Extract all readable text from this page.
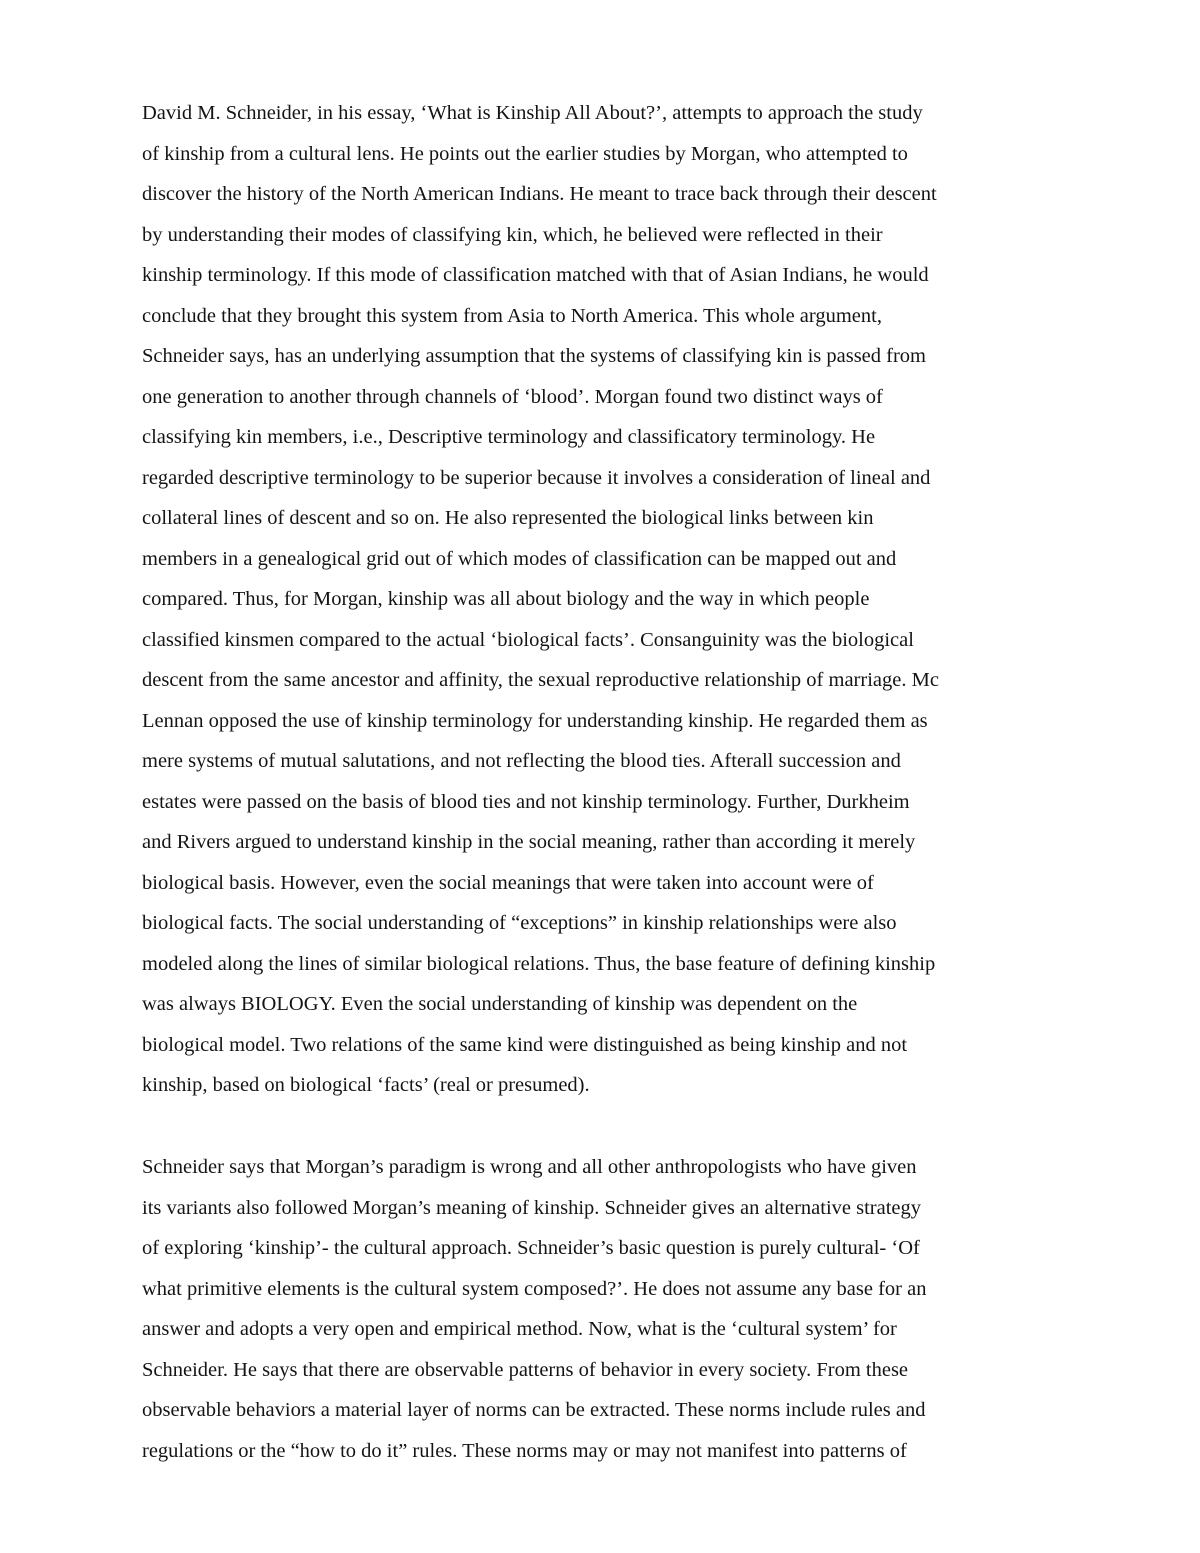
David M. Schneider, in his essay, ‘What is Kinship All About?’, attempts to approach the study
of kinship from a cultural lens. He points out the earlier studies by Morgan, who attempted to
discover the history of the North American Indians. He meant to trace back through their descent
by understanding their modes of classifying kin, which, he believed were reflected in their
kinship terminology. If this mode of classification matched with that of Asian Indians, he would
conclude that they brought this system from Asia to North America. This whole argument,
Schneider says, has an underlying assumption that the systems of classifying kin is passed from
one generation to another through channels of ‘blood’. Morgan found two distinct ways of
classifying kin members, i.e., Descriptive terminology and classificatory terminology. He
regarded descriptive terminology to be superior because it involves a consideration of lineal and
collateral lines of descent and so on. He also represented the biological links between kin
members in a genealogical grid out of which modes of classification can be mapped out and
compared. Thus, for Morgan, kinship was all about biology and the way in which people
classified kinsmen compared to the actual ‘biological facts’. Consanguinity was the biological
descent from the same ancestor and affinity, the sexual reproductive relationship of marriage. Mc
Lennan opposed the use of kinship terminology for understanding kinship. He regarded them as
mere systems of mutual salutations, and not reflecting the blood ties. Afterall succession and
estates were passed on the basis of blood ties and not kinship terminology. Further, Durkheim
and Rivers argued to understand kinship in the social meaning, rather than according it merely
biological basis. However, even the social meanings that were taken into account were of
biological facts. The social understanding of “exceptions” in kinship relationships were also
modeled along the lines of similar biological relations. Thus, the base feature of defining kinship
was always BIOLOGY. Even the social understanding of kinship was dependent on the
biological model. Two relations of the same kind were distinguished as being kinship and not
kinship, based on biological ‘facts’ (real or presumed).
Schneider says that Morgan’s paradigm is wrong and all other anthropologists who have given
its variants also followed Morgan’s meaning of kinship. Schneider gives an alternative strategy
of exploring ‘kinship’- the cultural approach. Schneider’s basic question is purely cultural- ‘Of
what primitive elements is the cultural system composed?’. He does not assume any base for an
answer and adopts a very open and empirical method. Now, what is the ‘cultural system’ for
Schneider. He says that there are observable patterns of behavior in every society. From these
observable behaviors a material layer of norms can be extracted. These norms include rules and
regulations or the “how to do it” rules. These norms may or may not manifest into patterns of
